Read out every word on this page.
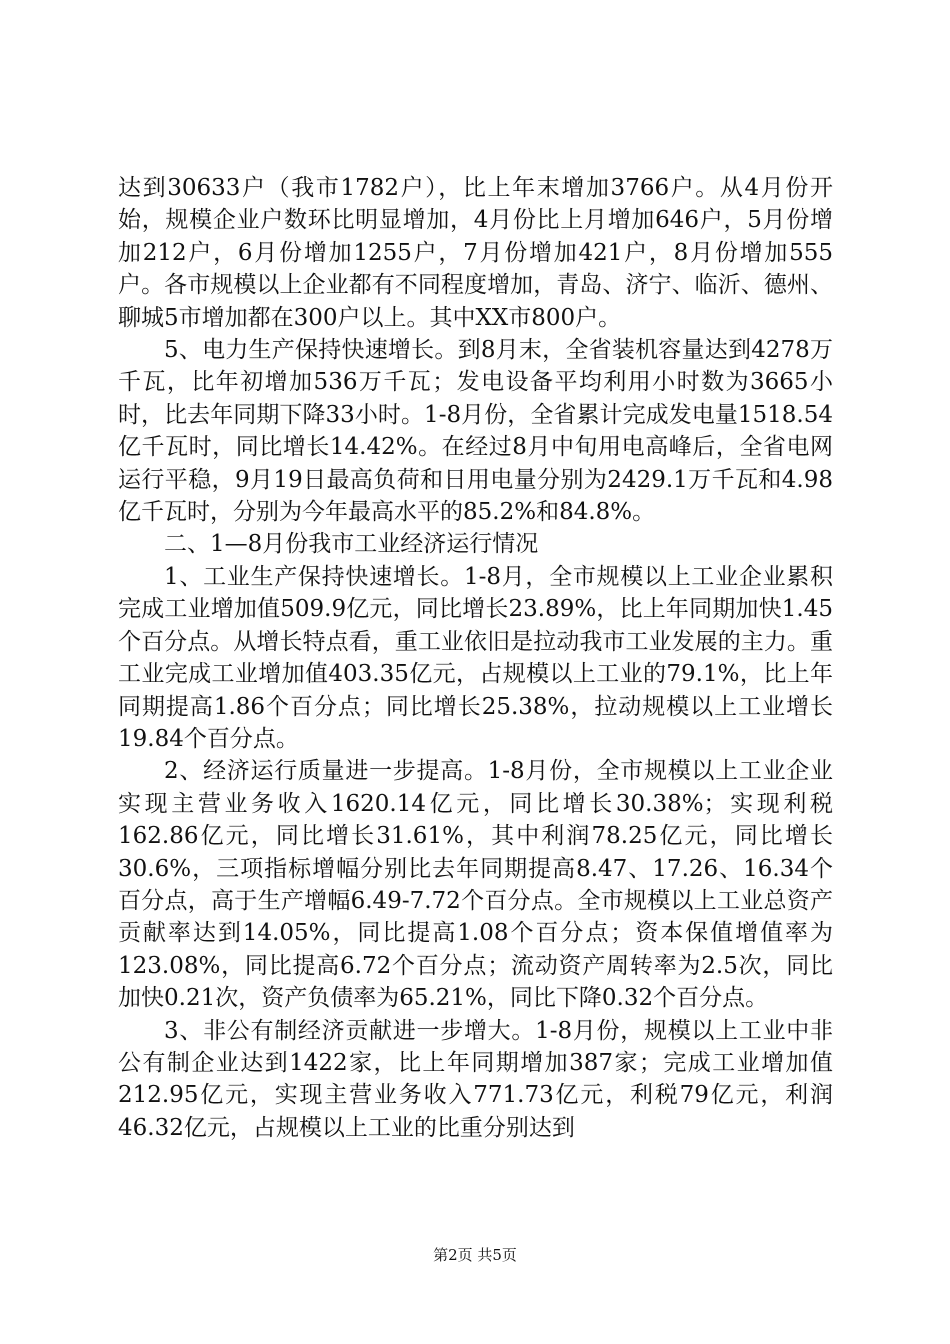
达到30633户（我市1782户），比上年末增加3766户。从4月份开始，规模企业户数环比明显增加，4月份比上月增加646户，5月份增加212户，6月份增加1255户，7月份增加421户，8月份增加555户。各市规模以上企业都有不同程度增加，青岛、济宁、临沂、德州、聊城5市增加都在300户以上。其中XX市800户。

5、电力生产保持快速增长。到8月末，全省装机容量达到4278万千瓦，比年初增加536万千瓦；发电设备平均利用小时数为3665小时，比去年同期下降33小时。1-8月份，全省累计完成发电量1518.54亿千瓦时，同比增长14.42%。在经过8月中旬用电高峰后，全省电网运行平稳，9月19日最高负荷和日用电量分别为2429.1万千瓦和4.98亿千瓦时，分别为今年最高水平的85.2%和84.8%。

二、1—8月份我市工业经济运行情况

1、工业生产保持快速增长。1-8月，全市规模以上工业企业累积完成工业增加值509.9亿元，同比增长23.89%，比上年同期加快1.45个百分点。从增长特点看，重工业依旧是拉动我市工业发展的主力。重工业完成工业增加值403.35亿元，占规模以上工业的79.1%，比上年同期提高1.86个百分点；同比增长25.38%，拉动规模以上工业增长19.84个百分点。

2、经济运行质量进一步提高。1-8月份，全市规模以上工业企业实现主营业务收入1620.14亿元，同比增长30.38%；实现利税162.86亿元，同比增长31.61%，其中利润78.25亿元，同比增长30.6%，三项指标增幅分别比去年同期提高8.47、17.26、16.34个百分点，高于生产增幅6.49-7.72个百分点。全市规模以上工业总资产贡献率达到14.05%，同比提高1.08个百分点；资本保值增值率为123.08%，同比提高6.72个百分点；流动资产周转率为2.5次，同比加快0.21次，资产负债率为65.21%，同比下降0.32个百分点。

3、非公有制经济贡献进一步增大。1-8月份，规模以上工业中非公有制企业达到1422家，比上年同期增加387家；完成工业增加值212.95亿元，实现主营业务收入771.73亿元，利税79亿元，利润46.32亿元，占规模以上工业的比重分别达到

第2页 共5页
